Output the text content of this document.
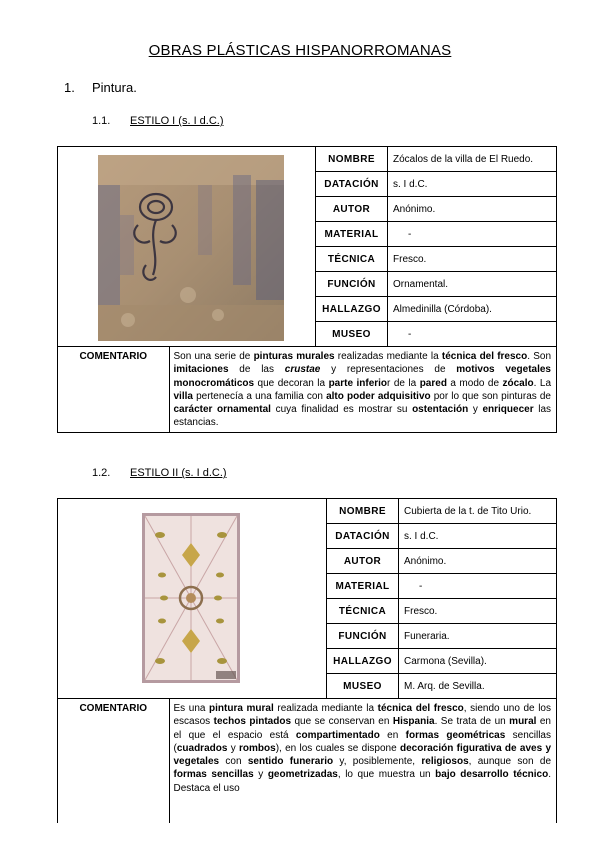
OBRAS PLÁSTICAS HISPANORROMANAS
1. Pintura.
1.1. ESTILO I (s. I d.C.)
	NOMBRE	Zócalos de la villa de El Ruedo.
DATACIÓN	s. I d.C.
AUTOR	Anónimo.
MATERIAL	-
TÉCNICA	Fresco.
FUNCIÓN	Ornamental.
HALLAZGO	Almedinilla (Córdoba).
MUSEO	-

COMENTARIO	Son una serie de pinturas murales realizadas mediante la técnica del fresco. Son imitaciones de las crustae y representaciones de motivos vegetales monocromáticos que decoran la parte inferior de la pared a modo de zócalo. La villa pertenecía a una familia con alto poder adquisitivo por lo que son pinturas de carácter ornamental cuya finalidad es mostrar su ostentación y enriquecer las estancias.
1.2. ESTILO II (s. I d.C.)
	NOMBRE	Cubierta de la t. de Tito Urio.
DATACIÓN	s. I d.C.
AUTOR	Anónimo.
MATERIAL	-
TÉCNICA	Fresco.
FUNCIÓN	Funeraria.
HALLAZGO	Carmona (Sevilla).
MUSEO	M. Arq. de Sevilla.

COMENTARIO	Es una pintura mural realizada mediante la técnica del fresco, siendo uno de los escasos techos pintados que se conservan en Hispania. Se trata de un mural en el que el espacio está compartimentado en formas geométricas sencillas (cuadrados y rombos), en los cuales se dispone decoración figurativa de aves y vegetales con sentido funerario y, posiblemente, religiosos, aunque son de formas sencillas y geometrizadas, lo que muestra un bajo desarrollo técnico. Destaca el uso
